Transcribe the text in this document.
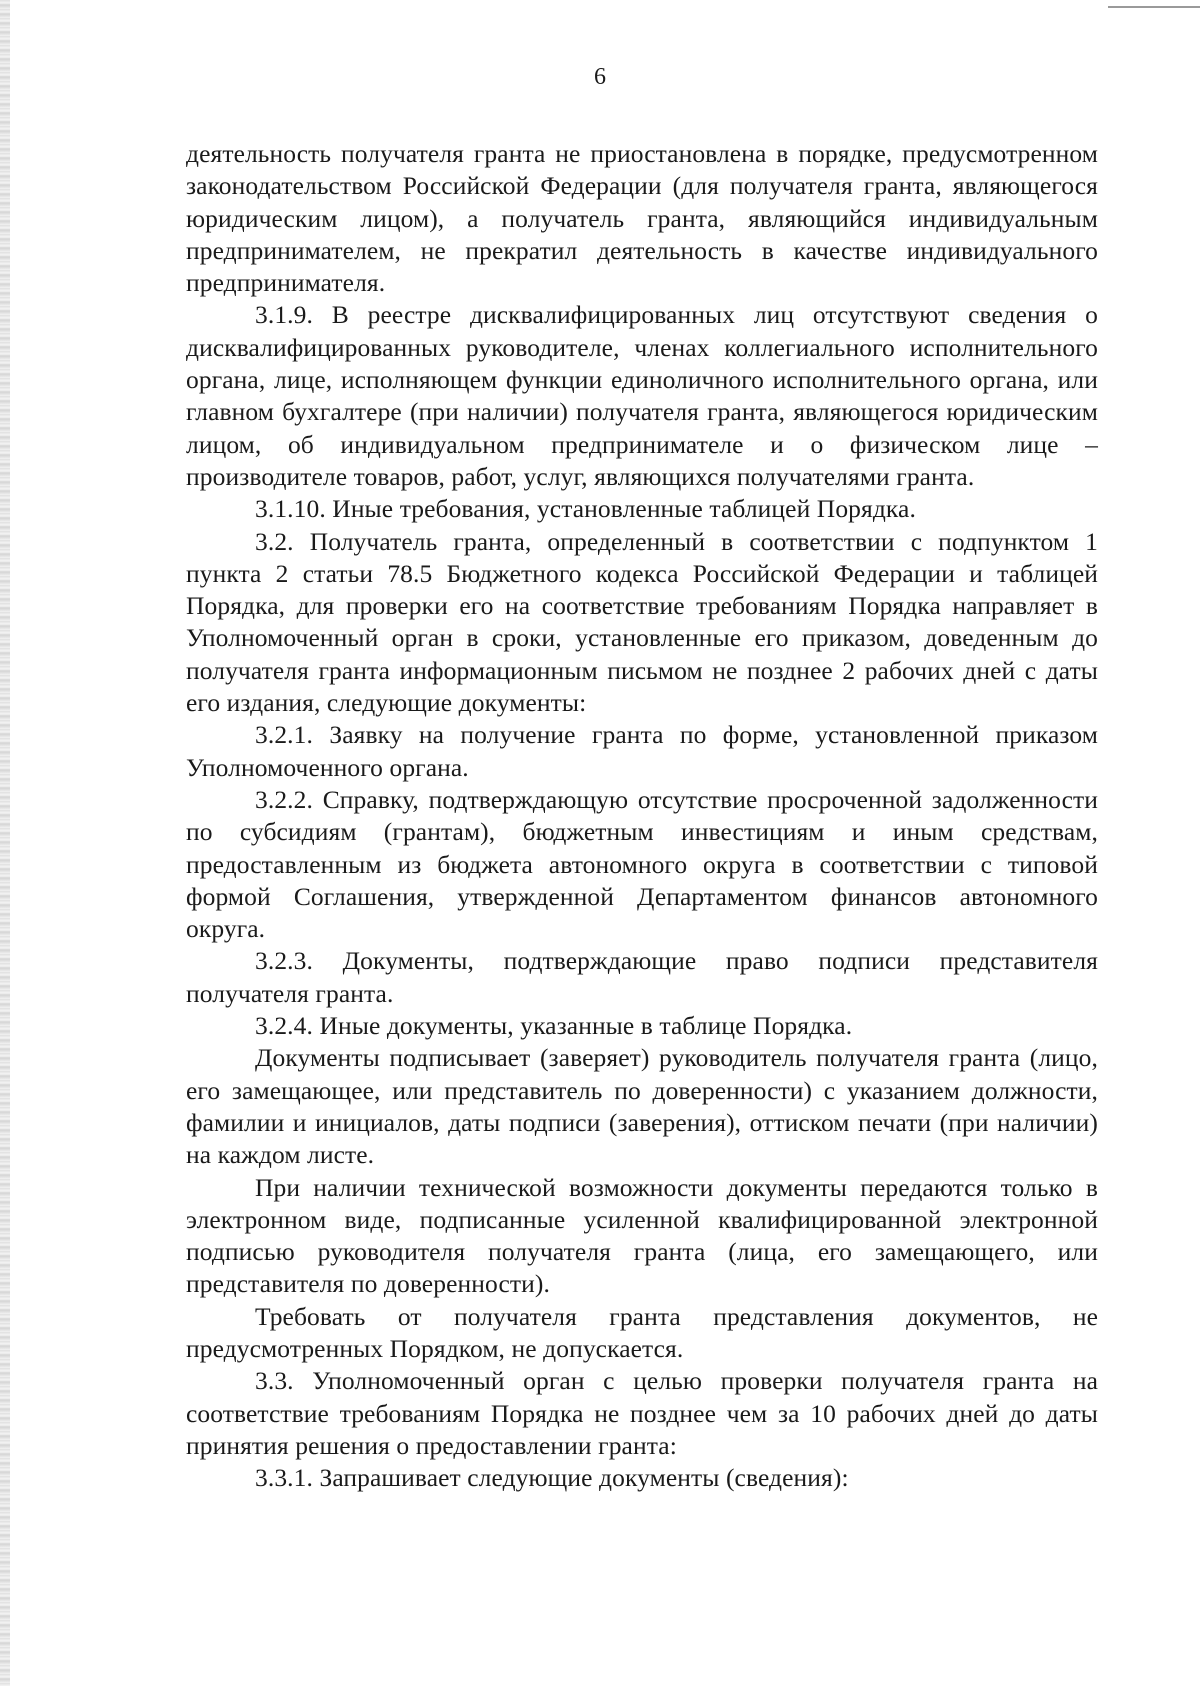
6

деятельность получателя гранта не приостановлена в порядке, предусмотренном законодательством Российской Федерации (для получателя гранта, являющегося юридическим лицом), а получатель гранта, являющийся индивидуальным предпринимателем, не прекратил деятельность в качестве индивидуального предпринимателя.

3.1.9. В реестре дисквалифицированных лиц отсутствуют сведения о дисквалифицированных руководителе, членах коллегиального исполнительного органа, лице, исполняющем функции единоличного исполнительного органа, или главном бухгалтере (при наличии) получателя гранта, являющегося юридическим лицом, об индивидуальном предпринимателе и о физическом лице – производителе товаров, работ, услуг, являющихся получателями гранта.

3.1.10. Иные требования, установленные таблицей Порядка.

3.2. Получатель гранта, определенный в соответствии с подпунктом 1 пункта 2 статьи 78.5 Бюджетного кодекса Российской Федерации и таблицей Порядка, для проверки его на соответствие требованиям Порядка направляет в Уполномоченный орган в сроки, установленные его приказом, доведенным до получателя гранта информационным письмом не позднее 2 рабочих дней с даты его издания, следующие документы:

3.2.1. Заявку на получение гранта по форме, установленной приказом Уполномоченного органа.

3.2.2. Справку, подтверждающую отсутствие просроченной задолженности по субсидиям (грантам), бюджетным инвестициям и иным средствам, предоставленным из бюджета автономного округа в соответствии с типовой формой Соглашения, утвержденной Департаментом финансов автономного округа.

3.2.3. Документы, подтверждающие право подписи представителя получателя гранта.

3.2.4. Иные документы, указанные в таблице Порядка.

Документы подписывает (заверяет) руководитель получателя гранта (лицо, его замещающее, или представитель по доверенности) с указанием должности, фамилии и инициалов, даты подписи (заверения), оттиском печати (при наличии) на каждом листе.

При наличии технической возможности документы передаются только в электронном виде, подписанные усиленной квалифицированной электронной подписью руководителя получателя гранта (лица, его замещающего, или представителя по доверенности).

Требовать от получателя гранта представления документов, не предусмотренных Порядком, не допускается.

3.3. Уполномоченный орган с целью проверки получателя гранта на соответствие требованиям Порядка не позднее чем за 10 рабочих дней до даты принятия решения о предоставлении гранта:

3.3.1. Запрашивает следующие документы (сведения):
